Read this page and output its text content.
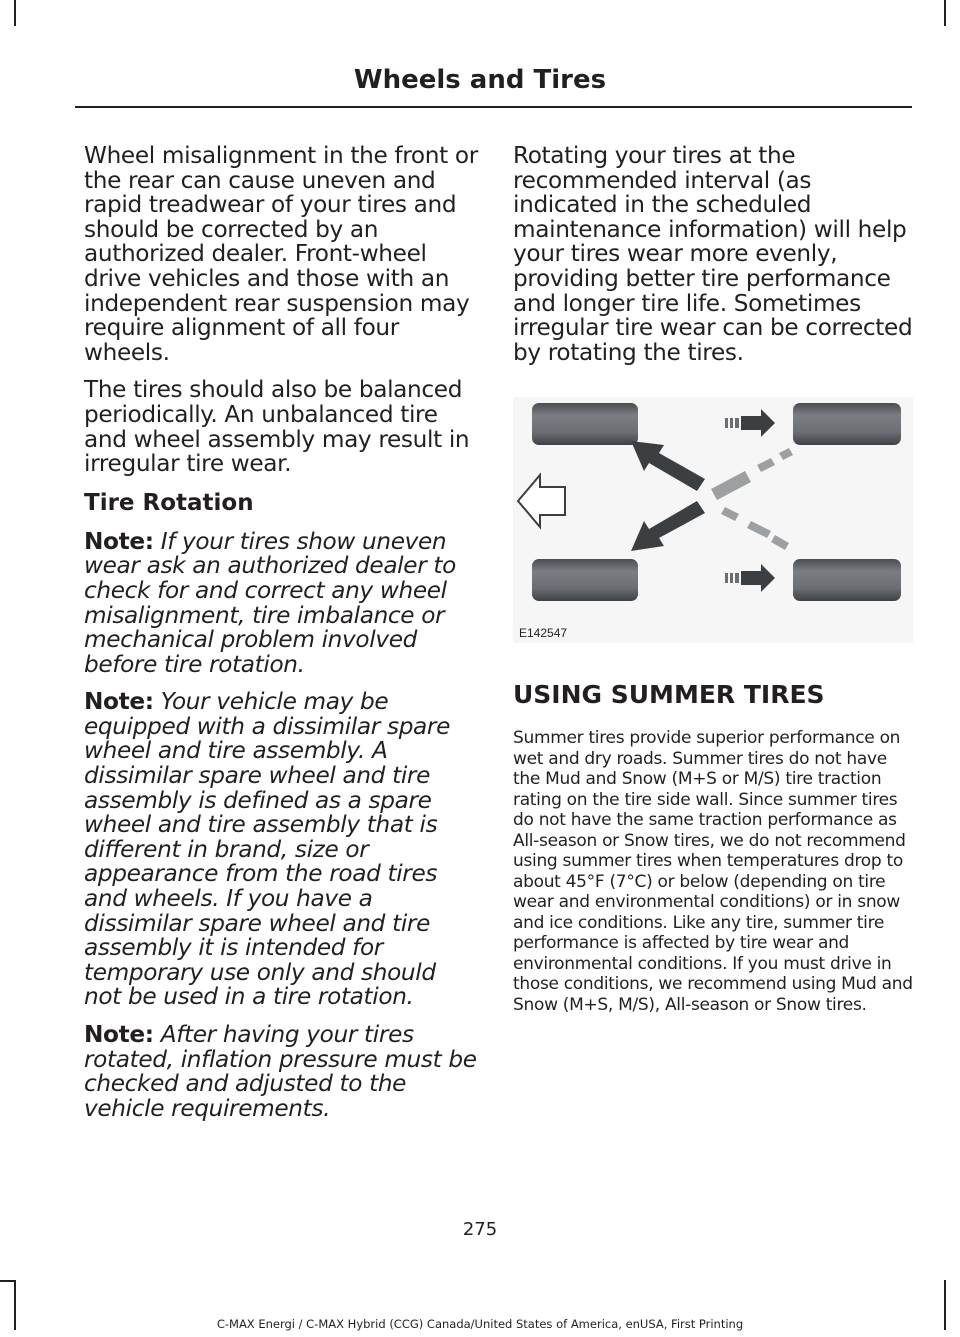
Wheels and Tires

Wheel misalignment in the front or the rear can cause uneven and rapid treadwear of your tires and should be corrected by an authorized dealer. Front-wheel drive vehicles and those with an independent rear suspension may require alignment of all four wheels.

The tires should also be balanced periodically. An unbalanced tire and wheel assembly may result in irregular tire wear.

Tire Rotation

Note: If your tires show uneven wear ask an authorized dealer to check for and correct any wheel misalignment, tire imbalance or mechanical problem involved before tire rotation.

Note: Your vehicle may be equipped with a dissimilar spare wheel and tire assembly. A dissimilar spare wheel and tire assembly is defined as a spare wheel and tire assembly that is different in brand, size or appearance from the road tires and wheels. If you have a dissimilar spare wheel and tire assembly it is intended for temporary use only and should not be used in a tire rotation.

Note: After having your tires rotated, inflation pressure must be checked and adjusted to the vehicle requirements.

Rotating your tires at the recommended interval (as indicated in the scheduled maintenance information) will help your tires wear more evenly, providing better tire performance and longer tire life. Sometimes irregular tire wear can be corrected by rotating the tires.

E142547
USING SUMMER TIRES

Summer tires provide superior performance on wet and dry roads. Summer tires do not have the Mud and Snow (M+S or M/S) tire traction rating on the tire side wall. Since summer tires do not have the same traction performance as All-season or Snow tires, we do not recommend using summer tires when temperatures drop to about 45°F (7°C) or below (depending on tire wear and environmental conditions) or in snow and ice conditions. Like any tire, summer tire performance is affected by tire wear and environmental conditions. If you must drive in those conditions, we recommend using Mud and Snow (M+S, M/S), All-season or Snow tires.

275
C-MAX Energi / C-MAX Hybrid (CCG) Canada/United States of America, enUSA, First Printing
